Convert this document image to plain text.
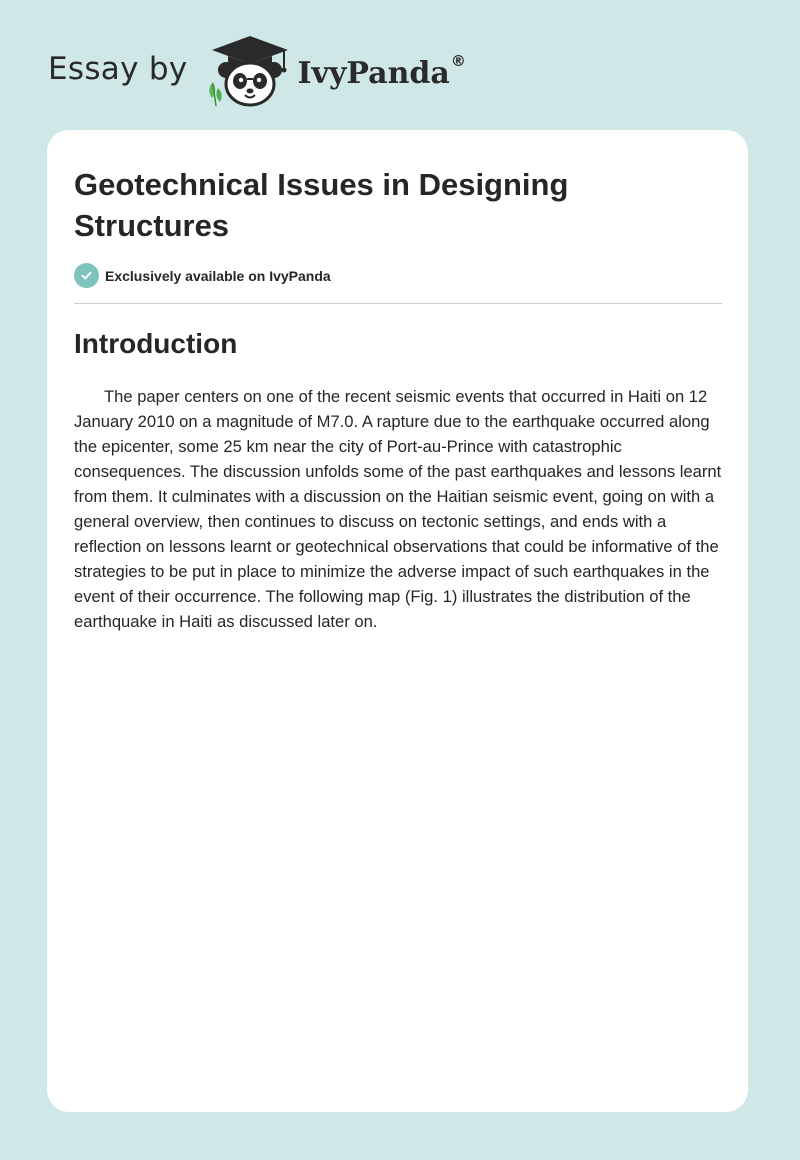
Essay by	IvyPanda ®
Geotechnical Issues in Designing Structures
Exclusively available on IvyPanda
Introduction

The paper centers on one of the recent seismic events that occurred in Haiti on 12 January 2010 on a magnitude of M7.0. A rapture due to the earthquake occurred along the epicenter, some 25 km near the city of Port-au-Prince with catastrophic consequences. The discussion unfolds some of the past earthquakes and lessons learnt from them. It culminates with a discussion on the Haitian seismic event, going on with a general overview, then continues to discuss on tectonic settings, and ends with a reflection on lessons learnt or geotechnical observations that could be informative of the strategies to be put in place to minimize the adverse impact of such earthquakes in the event of their occurrence. The following map (Fig. 1) illustrates the distribution of the earthquake in Haiti as discussed later on.
